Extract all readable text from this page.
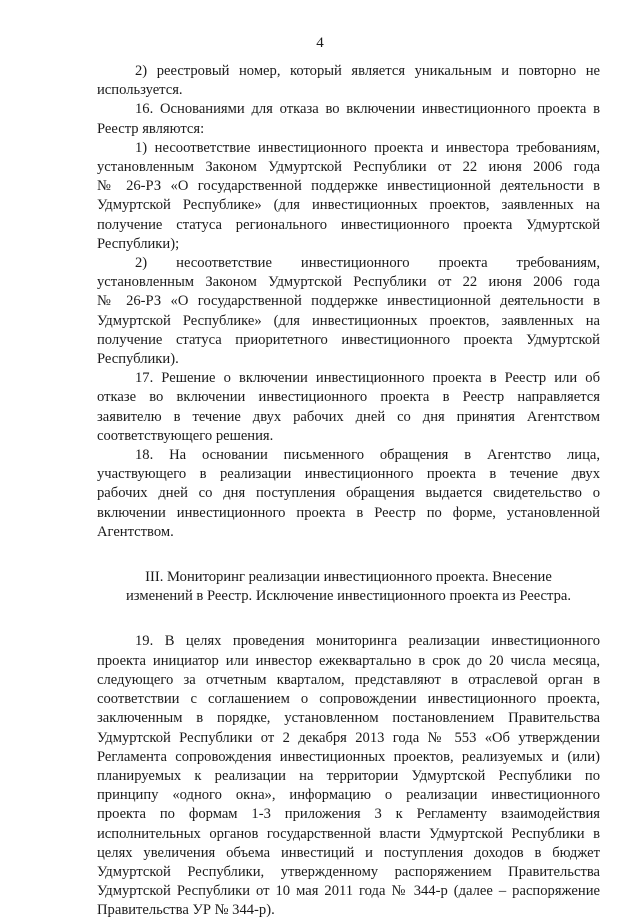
4

2) реестровый номер, который является уникальным и повторно не
используется.

16. Основаниями для отказа во включении инвестиционного проекта в
Реестр являются:

1) несоответствие инвестиционного проекта и инвестора требованиям,
установленным Законом Удмуртской Республики от 22 июня 2006 года
№ 26-РЗ «О государственной поддержке инвестиционной деятельности в
Удмуртской Республике» (для инвестиционных проектов, заявленных на
получение статуса регионального инвестиционного проекта Удмуртской
Республики);

2) несоответствие инвестиционного проекта требованиям,
установленным Законом Удмуртской Республики от 22 июня 2006 года
№ 26-РЗ «О государственной поддержке инвестиционной деятельности в
Удмуртской Республике» (для инвестиционных проектов, заявленных на
получение статуса приоритетного инвестиционного проекта Удмуртской
Республики).

17. Решение о включении инвестиционного проекта в Реестр или об
отказе во включении инвестиционного проекта в Реестр направляется
заявителю в течение двух рабочих дней со дня принятия Агентством
соответствующего решения.

18. На основании письменного обращения в Агентство лица,
участвующего в реализации инвестиционного проекта в течение двух
рабочих дней со дня поступления обращения выдается свидетельство о
включении инвестиционного проекта в Реестр по форме, установленной
Агентством.

III. Мониторинг реализации инвестиционного проекта. Внесение
изменений в Реестр. Исключение инвестиционного проекта из Реестра.

19. В целях проведения мониторинга реализации инвестиционного
проекта инициатор или инвестор ежеквартально в срок до 20 числа месяца,
следующего за отчетным кварталом, представляют в отраслевой орган в
соответствии с соглашением о сопровождении инвестиционного проекта,
заключенным в порядке, установленном постановлением Правительства
Удмуртской Республики от 2 декабря 2013 года № 553 «Об утверждении
Регламента сопровождения инвестиционных проектов, реализуемых и (или)
планируемых к реализации на территории Удмуртской Республики по
принципу «одного окна», информацию о реализации инвестиционного
проекта по формам 1-3 приложения 3 к Регламенту взаимодействия
исполнительных органов государственной власти Удмуртской Республики в
целях увеличения объема инвестиций и поступления доходов в бюджет
Удмуртской Республики, утвержденному распоряжением Правительства
Удмуртской Республики от 10 мая 2011 года № 344-р (далее – распоряжение
Правительства УР № 344-р).
